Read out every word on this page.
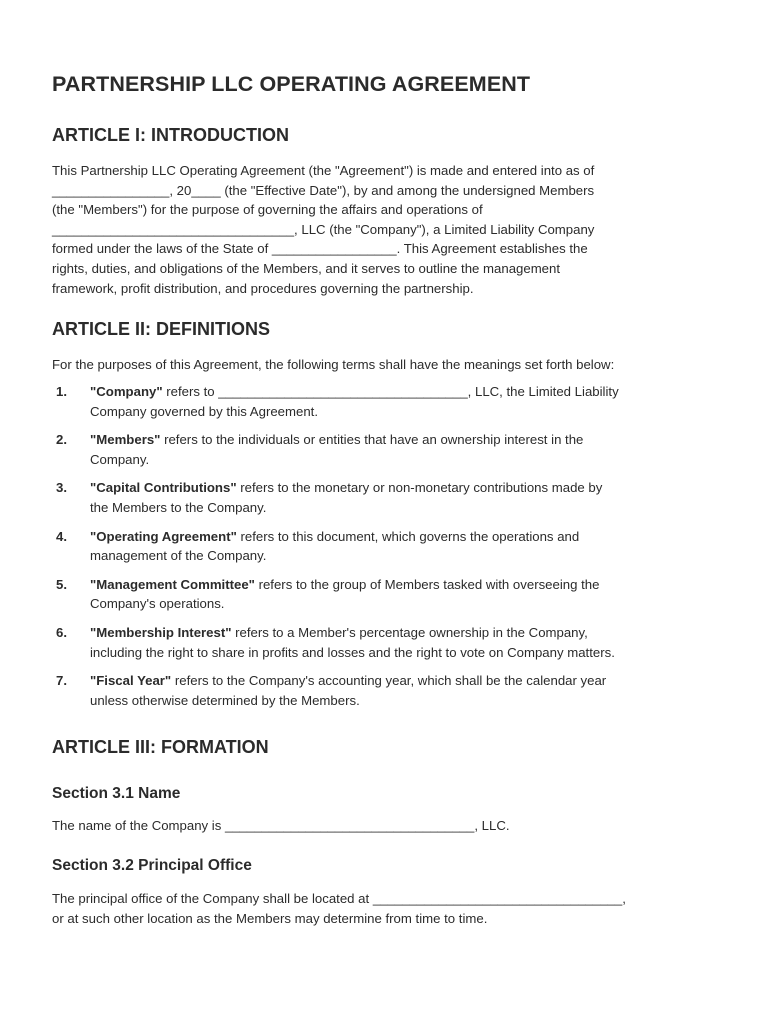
PARTNERSHIP LLC OPERATING AGREEMENT
ARTICLE I: INTRODUCTION

This Partnership LLC Operating Agreement (the "Agreement") is made and entered into as of
________________, 20____ (the "Effective Date"), by and among the undersigned Members
(the "Members") for the purpose of governing the affairs and operations of
_________________________________, LLC (the "Company"), a Limited Liability Company
formed under the laws of the State of _________________. This Agreement establishes the
rights, duties, and obligations of the Members, and it serves to outline the management
framework, profit distribution, and procedures governing the partnership.

ARTICLE II: DEFINITIONS

For the purposes of this Agreement, the following terms shall have the meanings set forth below:

1. "Company" refers to __________________________________, LLC, the Limited Liability
Company governed by this Agreement.
2. "Members" refers to the individuals or entities that have an ownership interest in the
Company.
3. "Capital Contributions" refers to the monetary or non-monetary contributions made by
the Members to the Company.
4. "Operating Agreement" refers to this document, which governs the operations and
management of the Company.
5. "Management Committee" refers to the group of Members tasked with overseeing the
Company's operations.
6. "Membership Interest" refers to a Member's percentage ownership in the Company,
including the right to share in profits and losses and the right to vote on Company matters.
7. "Fiscal Year" refers to the Company's accounting year, which shall be the calendar year
unless otherwise determined by the Members.
ARTICLE III: FORMATION
Section 3.1 Name

The name of the Company is __________________________________, LLC.

Section 3.2 Principal Office

The principal office of the Company shall be located at __________________________________,
or at such other location as the Members may determine from time to time.
